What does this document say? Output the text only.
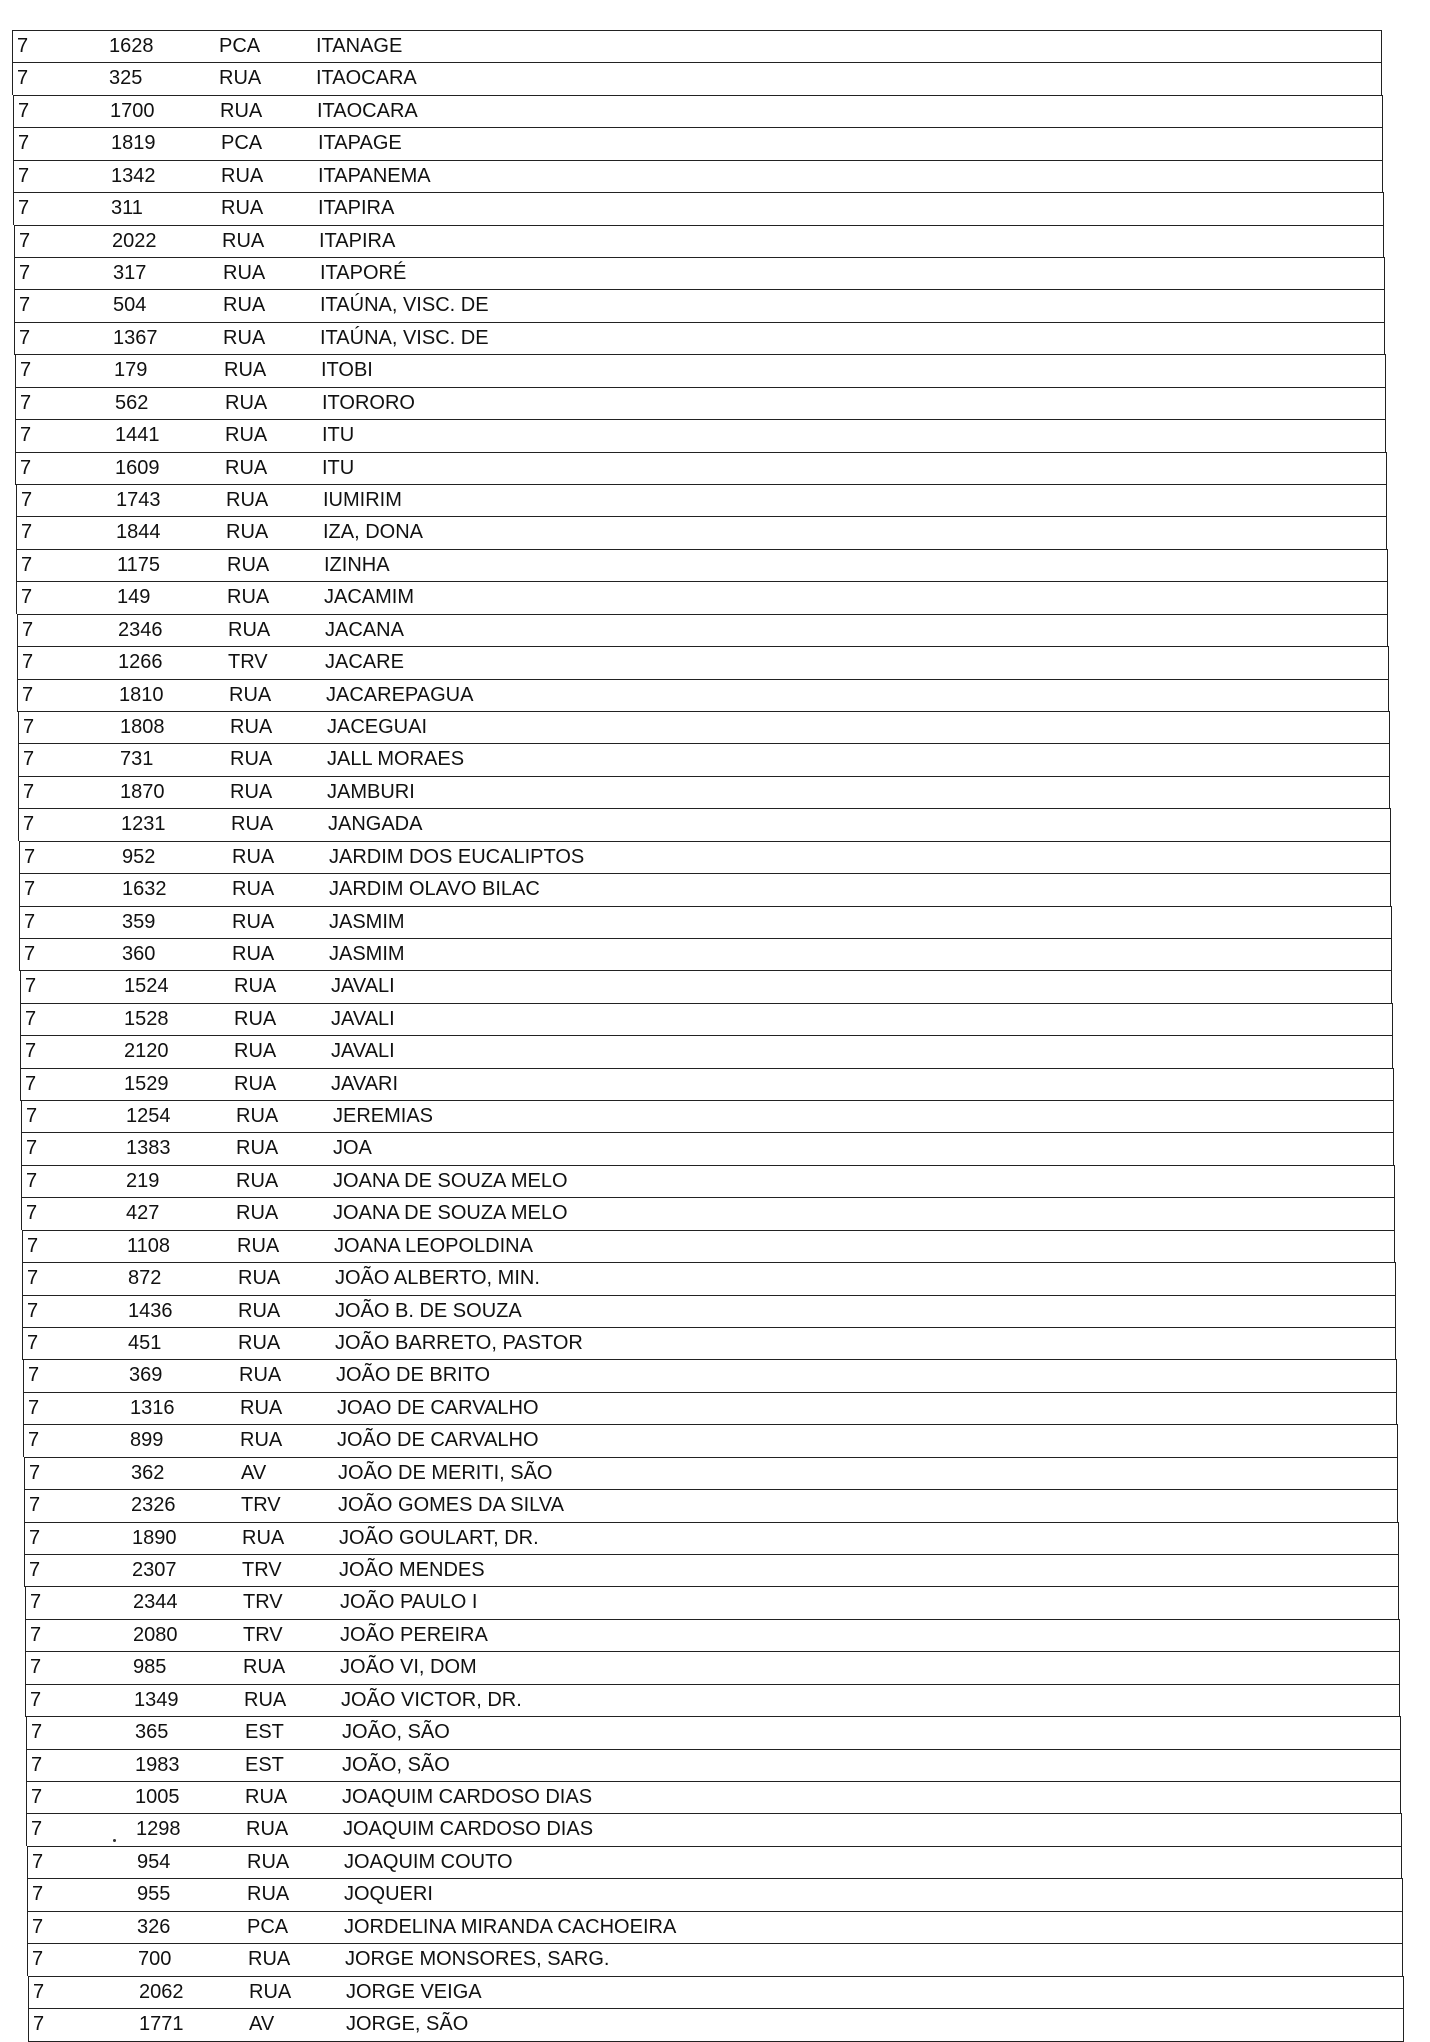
7	1628	PCA	ITANAGE
7	325	RUA	ITAOCARA
7	1700	RUA	ITAOCARA
7	1819	PCA	ITAPAGE
7	1342	RUA	ITAPANEMA
7	311	RUA	ITAPIRA
7	2022	RUA	ITAPIRA
7	317	RUA	ITAPORÉ
7	504	RUA	ITAÚNA, VISC. DE
7	1367	RUA	ITAÚNA, VISC. DE
7	179	RUA	ITOBI
7	562	RUA	ITORORO
7	1441	RUA	ITU
7	1609	RUA	ITU
7	1743	RUA	IUMIRIM
7	1844	RUA	IZA, DONA
7	1175	RUA	IZINHA
7	149	RUA	JACAMIM
7	2346	RUA	JACANA
7	1266	TRV	JACARE
7	1810	RUA	JACAREPAGUA
7	1808	RUA	JACEGUAI
7	731	RUA	JALL MORAES
7	1870	RUA	JAMBURI
7	1231	RUA	JANGADA
7	952	RUA	JARDIM DOS EUCALIPTOS
7	1632	RUA	JARDIM OLAVO BILAC
7	359	RUA	JASMIM
7	360	RUA	JASMIM
7	1524	RUA	JAVALI
7	1528	RUA	JAVALI
7	2120	RUA	JAVALI
7	1529	RUA	JAVARI
7	1254	RUA	JEREMIAS
7	1383	RUA	JOA
7	219	RUA	JOANA DE SOUZA MELO
7	427	RUA	JOANA DE SOUZA MELO
7	1108	RUA	JOANA LEOPOLDINA
7	872	RUA	JOÃO ALBERTO, MIN.
7	1436	RUA	JOÃO B. DE SOUZA
7	451	RUA	JOÃO BARRETO, PASTOR
7	369	RUA	JOÃO DE BRITO
7	1316	RUA	JOAO DE CARVALHO
7	899	RUA	JOÃO DE CARVALHO
7	362	AV	JOÃO DE MERITI, SÃO
7	2326	TRV	JOÃO GOMES DA SILVA
7	1890	RUA	JOÃO GOULART, DR.
7	2307	TRV	JOÃO MENDES
7	2344	TRV	JOÃO PAULO I
7	2080	TRV	JOÃO PEREIRA
7	985	RUA	JOÃO VI, DOM
7	1349	RUA	JOÃO VICTOR, DR.
7	365	EST	JOÃO, SÃO
7	1983	EST	JOÃO, SÃO
7	1005	RUA	JOAQUIM CARDOSO DIAS
7	1298	RUA	JOAQUIM CARDOSO DIAS
7	954	RUA	JOAQUIM COUTO
7	955	RUA	JOQUERI
7	326	PCA	JORDELINA MIRANDA CACHOEIRA
7	700	RUA	JORGE MONSORES, SARG.
7	2062	RUA	JORGE VEIGA
7	1771	AV	JORGE, SÃO
